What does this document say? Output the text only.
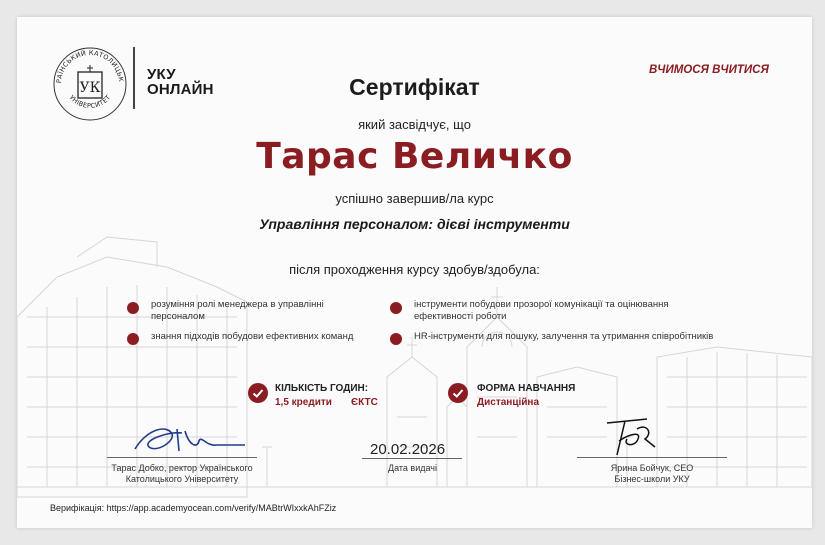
РАЇНСЬКИЙ КАТОЛИЦЬК
УНІВЕРСИТЕТ
УК
УКУ
ОНЛАЙН
ВЧИМОСЯ ВЧИТИСЯ
Сертифікат
який засвідчує, що
Тарас Величко
успішно завершив/ла курс
Управління персоналом: дієві інструменти
після проходження курсу здобув/здобула:
розуміння ролі менеджера в управлінні персоналом
знання підходів побудови ефективних команд
інструменти побудови прозорої комунікації та оцінювання ефективності роботи
HR-інструменти для пошуку, залучення та утримання співробітників
КІЛЬКІСТЬ ГОДИН:
1,5 кредити ЄКТС
ФОРМА НАВЧАННЯ
Дистанційна
Тарас Добко, ректор Українського
Католицького Університету
20.02.2026
Дата видачі	Ярина Бойчук, CEO
Бізнес-школи УКУ
Верифікація: https://app.academyocean.com/verify/MABtrWIxxkAhFZiz
